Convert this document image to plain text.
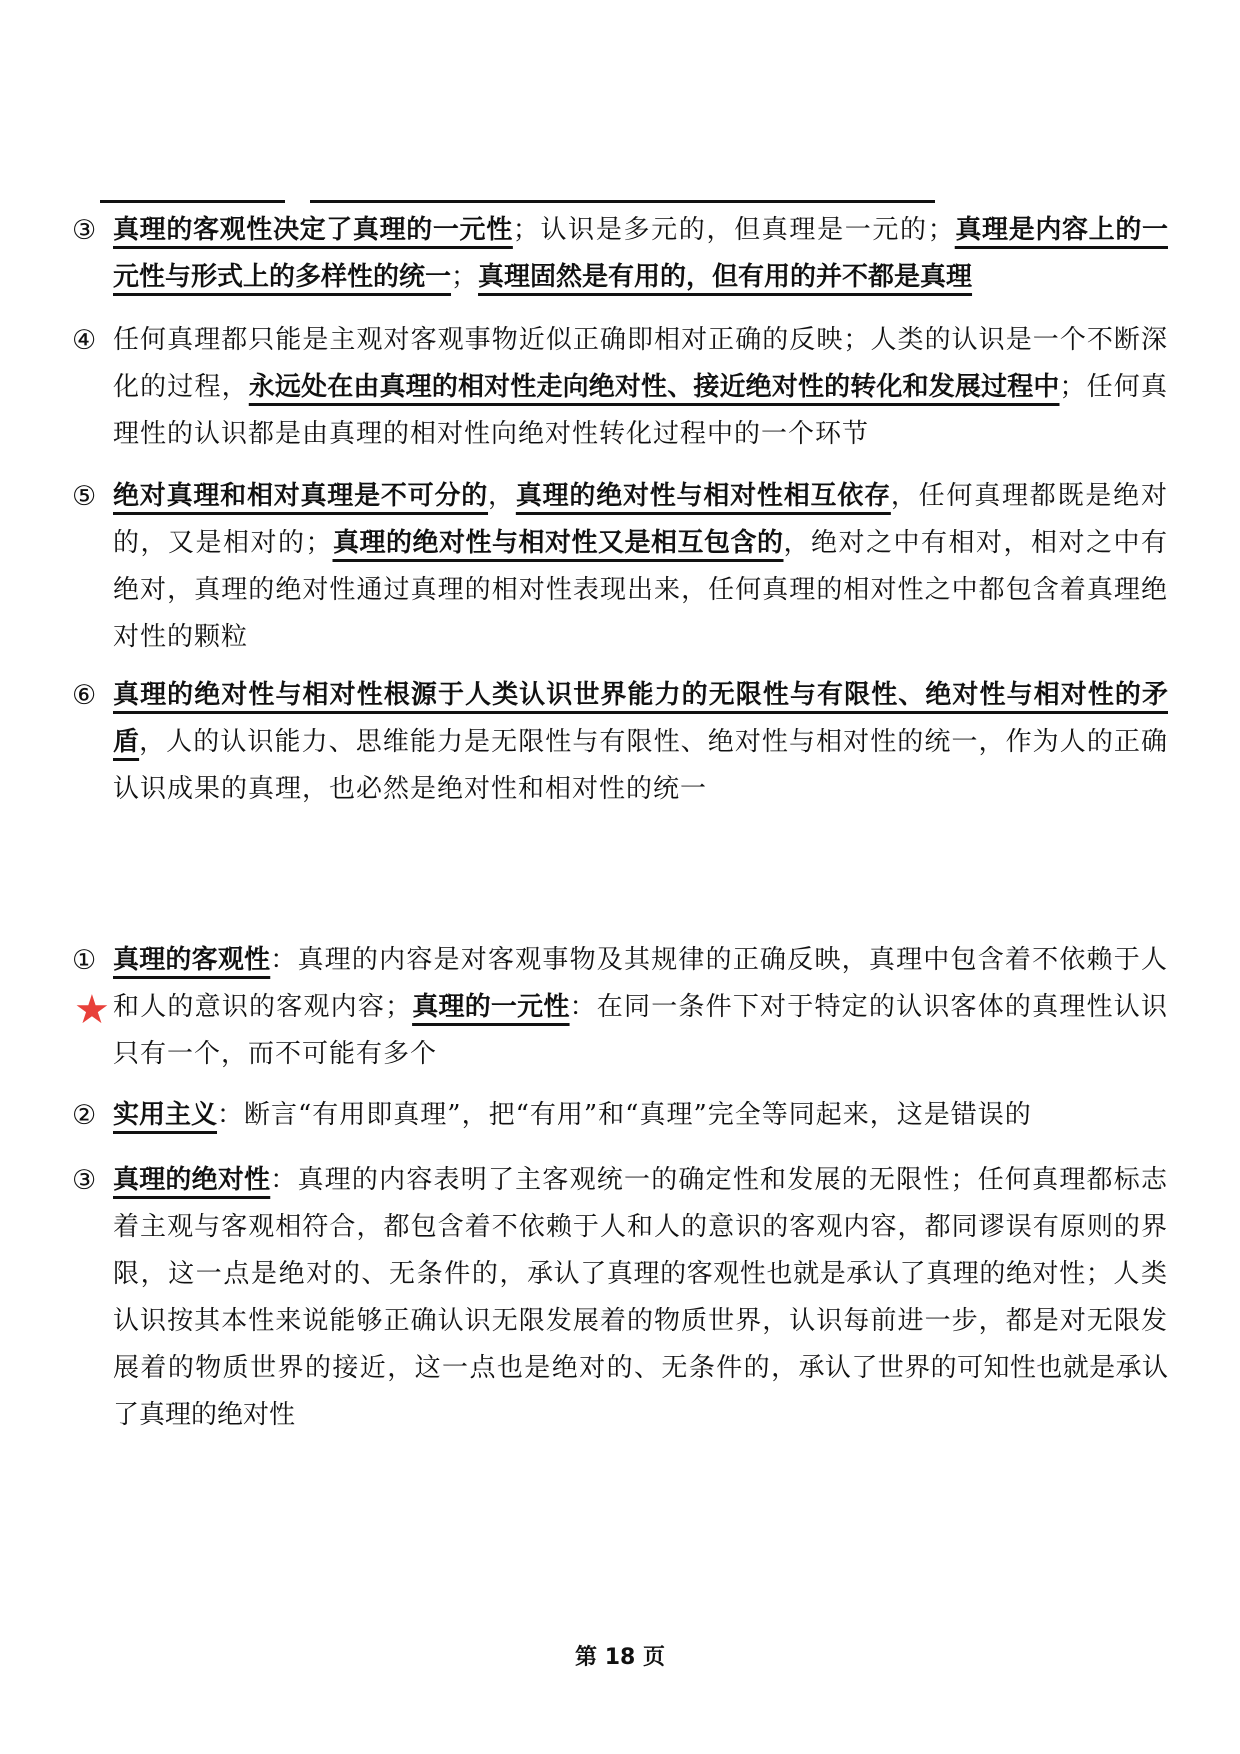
③ 真理的客观性决定了真理的一元性；认识是多元的，但真理是一元的；真理是内容上的一元性与形式上的多样性的统一；真理固然是有用的，但有用的并不都是真理
④ 任何真理都只能是主观对客观事物近似正确即相对正确的反映；人类的认识是一个不断深化的过程，永远处在由真理的相对性走向绝对性、接近绝对性的转化和发展过程中；任何真理性的认识都是由真理的相对性向绝对性转化过程中的一个环节
⑤ 绝对真理和相对真理是不可分的，真理的绝对性与相对性相互依存，任何真理都既是绝对的，又是相对的；真理的绝对性与相对性又是相互包含的，绝对之中有相对，相对之中有绝对，真理的绝对性通过真理的相对性表现出来，任何真理的相对性之中都包含着真理绝对性的颗粒
⑥ 真理的绝对性与相对性根源于人类认识世界能力的无限性与有限性、绝对性与相对性的矛盾，人的认识能力、思维能力是无限性与有限性、绝对性与相对性的统一，作为人的正确认识成果的真理，也必然是绝对性和相对性的统一
★
① 真理的客观性：真理的内容是对客观事物及其规律的正确反映，真理中包含着不依赖于人和人的意识的客观内容；真理的一元性：在同一条件下对于特定的认识客体的真理性认识只有一个，而不可能有多个
② 实用主义：断言“有用即真理”，把“有用”和“真理”完全等同起来，这是错误的
③ 真理的绝对性：真理的内容表明了主客观统一的确定性和发展的无限性；任何真理都标志着主观与客观相符合，都包含着不依赖于人和人的意识的客观内容，都同谬误有原则的界限，这一点是绝对的、无条件的，承认了真理的客观性也就是承认了真理的绝对性；人类认识按其本性来说能够正确认识无限发展着的物质世界，认识每前进一步，都是对无限发展着的物质世界的接近，这一点也是绝对的、无条件的，承认了世界的可知性也就是承认了真理的绝对性
第 18 页
